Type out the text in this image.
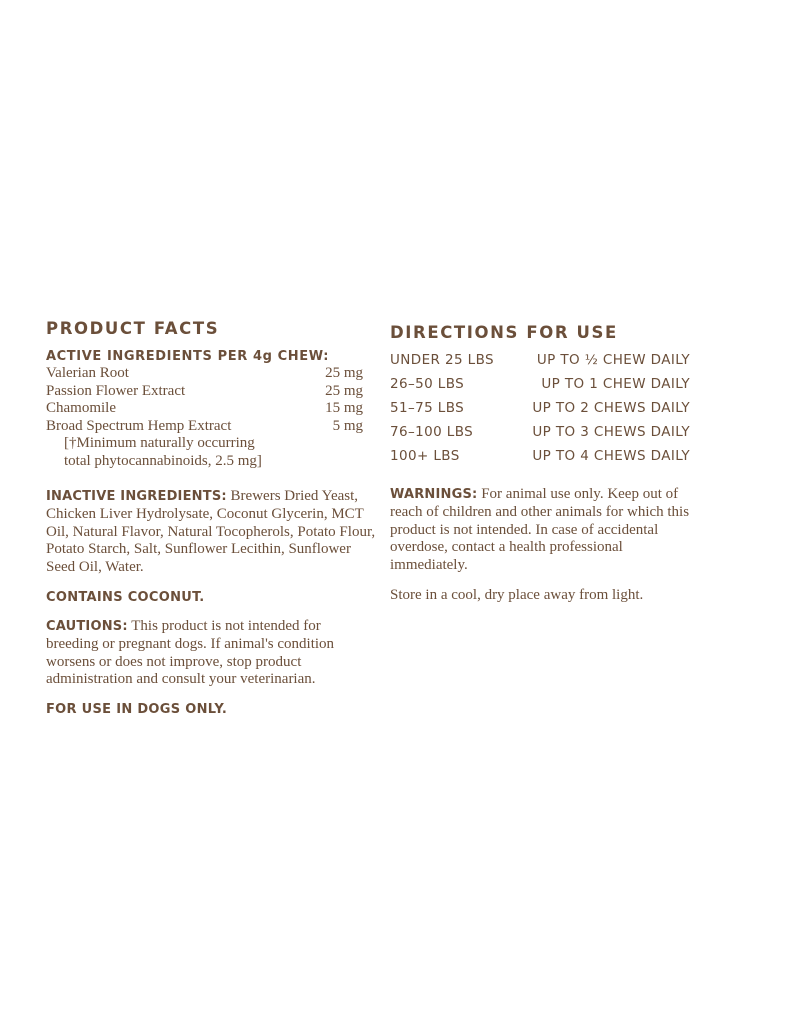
PRODUCT FACTS
ACTIVE INGREDIENTS PER 4g CHEW:
Valerian Root	25 mg
Passion Flower Extract	25 mg
Chamomile	15 mg
Broad Spectrum Hemp Extract	5 mg
[†Minimum naturally occurring
total phytocannabinoids, 2.5 mg]

INACTIVE INGREDIENTS: Brewers Dried Yeast, Chicken Liver Hydrolysate, Coconut Glycerin, MCT Oil, Natural Flavor, Natural Tocopherols, Potato Flour, Potato Starch, Salt, Sunflower Lecithin, Sunflower Seed Oil, Water.

CONTAINS COCONUT.

CAUTIONS: This product is not intended for breeding or pregnant dogs. If animal's condition worsens or does not improve, stop product administration and consult your veterinarian.

FOR USE IN DOGS ONLY.
DIRECTIONS FOR USE
UNDER 25 LBS	UP TO ½ CHEW DAILY
26–50 LBS	UP TO 1 CHEW DAILY
51–75 LBS	UP TO 2 CHEWS DAILY
76–100 LBS	UP TO 3 CHEWS DAILY
100+ LBS	UP TO 4 CHEWS DAILY

WARNINGS: For animal use only. Keep out of reach of children and other animals for which this product is not intended. In case of accidental overdose, contact a health professional immediately.

Store in a cool, dry place away from light.
